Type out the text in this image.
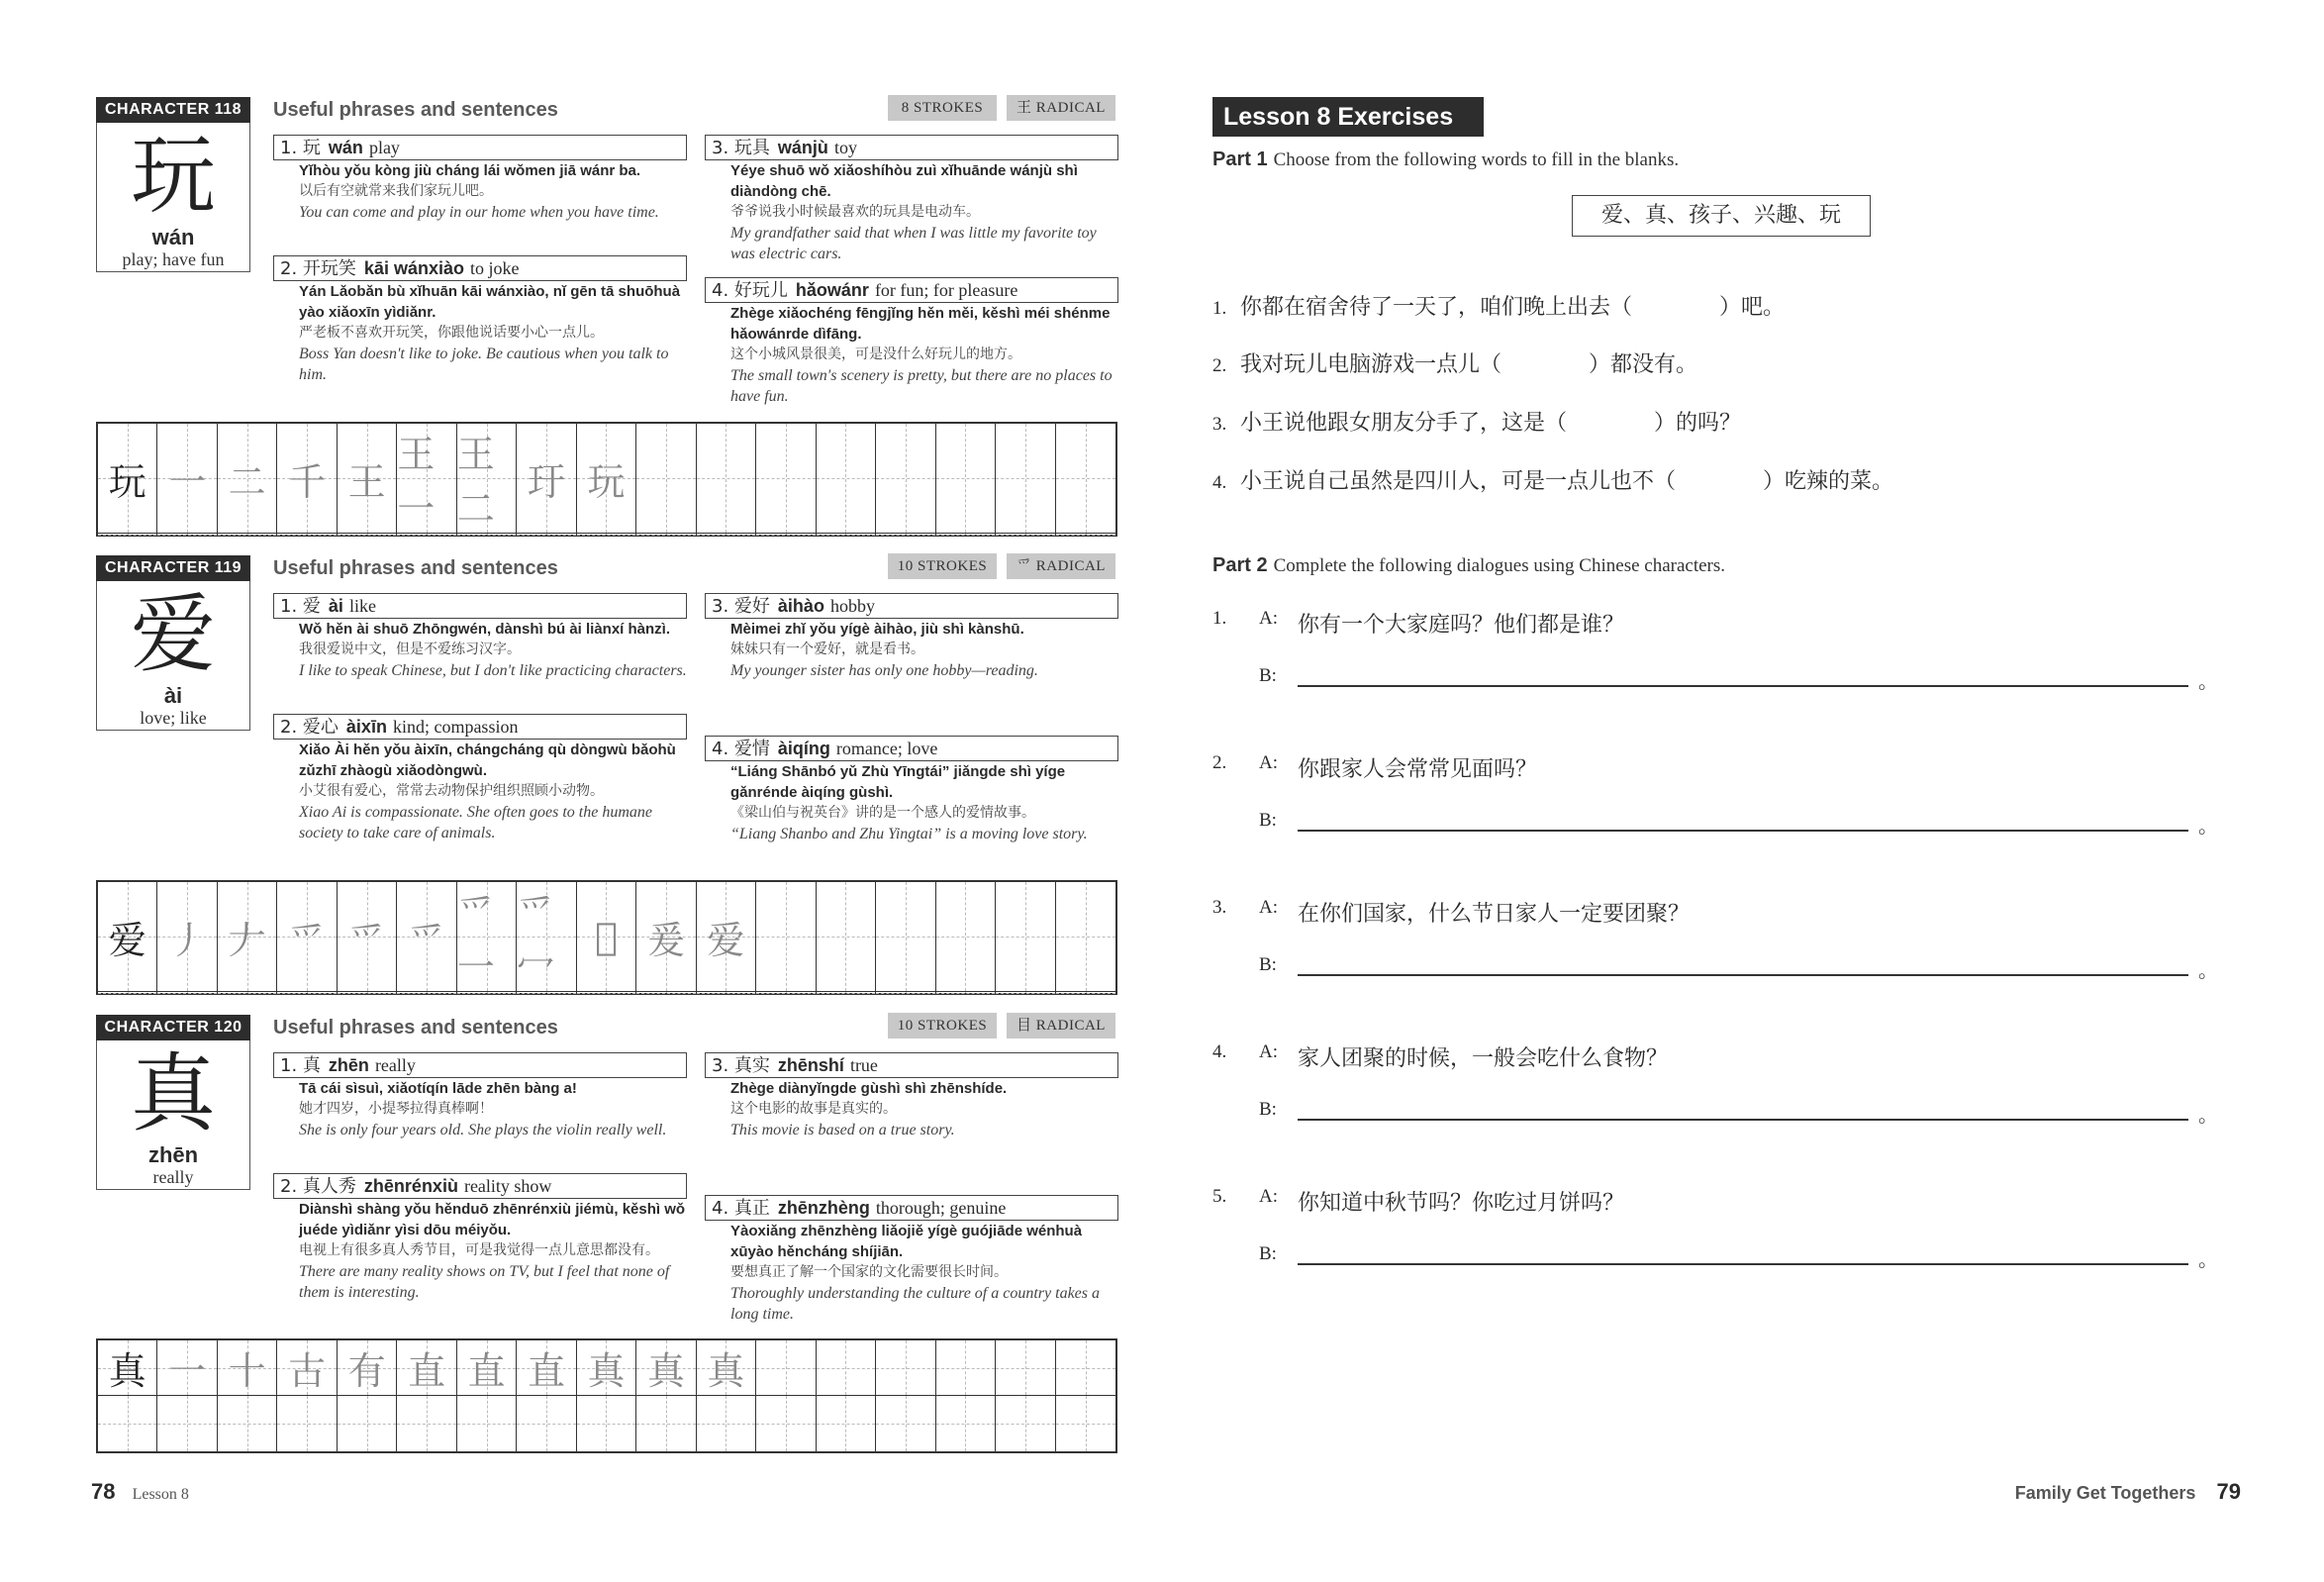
CHARACTER 118
玩
wán
play; have fun
Useful phrases and sentences	8 STROKES	王 RADICAL
1. 玩 wán play
Yǐhòu yǒu kòng jiù cháng lái wǒmen jiā wánr ba.
以后有空就常来我们家玩儿吧。
You can come and play in our home when you have time.
2. 开玩笑 kāi wánxiào to joke
Yán Lǎobǎn bù xǐhuān kāi wánxiào, nǐ gēn tā shuōhuà yào xiǎoxīn yìdiǎnr.
严老板不喜欢开玩笑，你跟他说话要小心一点儿。
Boss Yan doesn't like to joke. Be cautious when you talk to him.
3. 玩具 wánjù toy
Yéye shuō wǒ xiǎoshíhòu zuì xǐhuānde wánjù shì diàndòng chē.
爷爷说我小时候最喜欢的玩具是电动车。
My grandfather said that when I was little my favorite toy was electric cars.
4. 好玩儿 hǎowánr for fun; for pleasure
Zhège xiǎochéng fēngjǐng hěn měi, kěshì méi shénme hǎowánrde dìfāng.
这个小城风景很美，可是没什么好玩儿的地方。
The small town's scenery is pretty, but there are no places to have fun.
玩 一 二 千 王
王一
王二
玗 玩
CHARACTER 119
爱
ài
love; like
Useful phrases and sentences	10 STROKES	爫 RADICAL
1. 爱 ài like
Wǒ hěn ài shuō Zhōngwén, dànshì bú ài liànxí hànzì.
我很爱说中文，但是不爱练习汉字。
I like to speak Chinese, but I don't like practicing characters.
2. 爱心 àixīn kind; compassion
Xiǎo Ài hěn yǒu àixīn, chángcháng qù dòngwù bǎohù zǔzhī zhàogù xiǎodòngwù.
小艾很有爱心，常常去动物保护组织照顾小动物。
Xiao Ai is compassionate. She often goes to the humane society to take care of animals.
3. 爱好 àihào hobby
Mèimei zhǐ yǒu yígè àihào, jiù shì kànshū.
妹妹只有一个爱好，就是看书。
My younger sister has only one hobby—reading.
4. 爱情 àiqíng romance; love
“Liáng Shānbó yǔ Zhù Yīngtái” jiǎngde shì yíge gǎnrénde àiqíng gùshì.
《梁山伯与祝英台》讲的是一个感人的爱情故事。
“Liang Shanbo and Zhu Yingtai” is a moving love story.
爱 丿 𠂇 爫 爫 爫
爫一
爫冖
𭁨 爰 爱
CHARACTER 120
真
zhēn
really
Useful phrases and sentences	10 STROKES	目 RADICAL
1. 真 zhēn really
Tā cái sìsuì, xiǎotíqín lāde zhēn bàng a!
她才四岁，小提琴拉得真棒啊！
She is only four years old. She plays the violin really well.
2. 真人秀 zhēnrénxiù reality show
Diànshì shàng yǒu hěnduō zhēnrénxiù jiémù, kěshì wǒ juéde yìdiǎnr yìsi dōu méiyǒu.
电视上有很多真人秀节目，可是我觉得一点儿意思都没有。
There are many reality shows on TV, but I feel that none of them is interesting.
3. 真实 zhēnshí true
Zhège diànyǐngde gùshì shì zhēnshíde.
这个电影的故事是真实的。
This movie is based on a true story.
4. 真正 zhēnzhèng thorough; genuine
Yàoxiǎng zhēnzhèng liǎojiě yígè guójiāde wénhuà xūyào hěncháng shíjiān.
要想真正了解一个国家的文化需要很长时间。
Thoroughly understanding the culture of a country takes a long time.
真 一 十 古 有 直 直 直 真 真 真
78 Lesson 8
Lesson 8 Exercises
Part 1 Choose from the following words to fill in the blanks.
爱、真、孩子、兴趣、玩
1. 你都在宿舍待了一天了，咱们晚上出去（　　　　）吧。
2. 我对玩儿电脑游戏一点儿（　　　　）都没有。
3. 小王说他跟女朋友分手了，这是（　　　　）的吗？
4. 小王说自己虽然是四川人，可是一点儿也不（　　　　）吃辣的菜。
Part 2 Complete the following dialogues using Chinese characters.
1. A: 你有一个大家庭吗？他们都是谁？
B:	。
2. A: 你跟家人会常常见面吗？
B:	。
3. A: 在你们国家，什么节日家人一定要团聚？
B:	。
4. A: 家人团聚的时候，一般会吃什么食物？
B:	。
5. A: 你知道中秋节吗？你吃过月饼吗？
B:	。
Family Get Togethers 79
